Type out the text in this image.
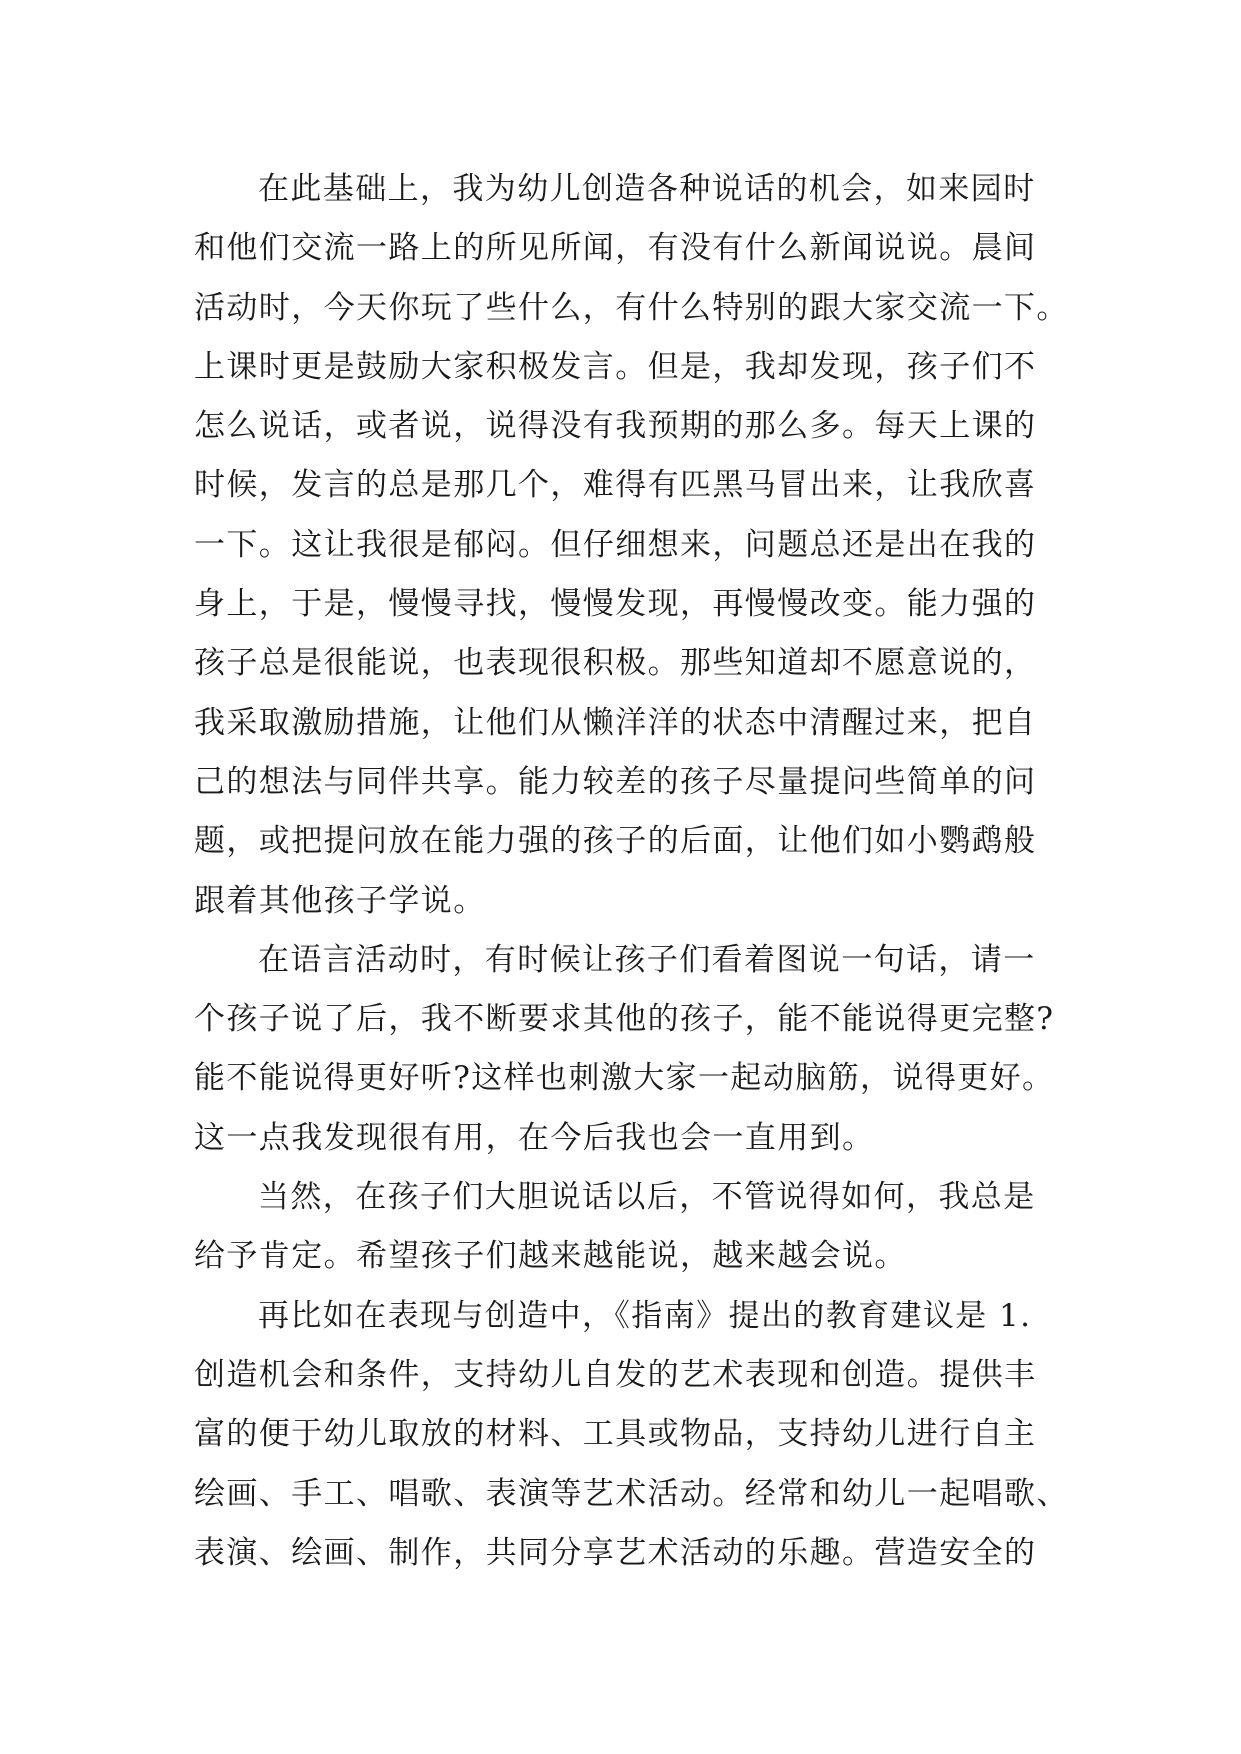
在此基础上，我为幼儿创造各种说话的机会，如来园时
和他们交流一路上的所见所闻，有没有什么新闻说说。晨间
活动时，今天你玩了些什么，有什么特别的跟大家交流一下。
上课时更是鼓励大家积极发言。但是，我却发现，孩子们不
怎么说话，或者说，说得没有我预期的那么多。每天上课的
时候，发言的总是那几个，难得有匹黑马冒出来，让我欣喜
一下。这让我很是郁闷。但仔细想来，问题总还是出在我的
身上，于是，慢慢寻找，慢慢发现，再慢慢改变。能力强的
孩子总是很能说，也表现很积极。那些知道却不愿意说的，
我采取激励措施，让他们从懒洋洋的状态中清醒过来，把自
己的想法与同伴共享。能力较差的孩子尽量提问些简单的问
题，或把提问放在能力强的孩子的后面，让他们如小鹦鹉般
跟着其他孩子学说。
在语言活动时，有时候让孩子们看着图说一句话，请一
个孩子说了后，我不断要求其他的孩子，能不能说得更完整?
能不能说得更好听?这样也刺激大家一起动脑筋，说得更好。
这一点我发现很有用，在今后我也会一直用到。
当然，在孩子们大胆说话以后，不管说得如何，我总是
给予肯定。希望孩子们越来越能说，越来越会说。
再比如在表现与创造中，《指南》提出的教育建议是 1.
创造机会和条件，支持幼儿自发的艺术表现和创造。提供丰
富的便于幼儿取放的材料、工具或物品，支持幼儿进行自主
绘画、手工、唱歌、表演等艺术活动。经常和幼儿一起唱歌、
表演、绘画、制作，共同分享艺术活动的乐趣。营造安全的
